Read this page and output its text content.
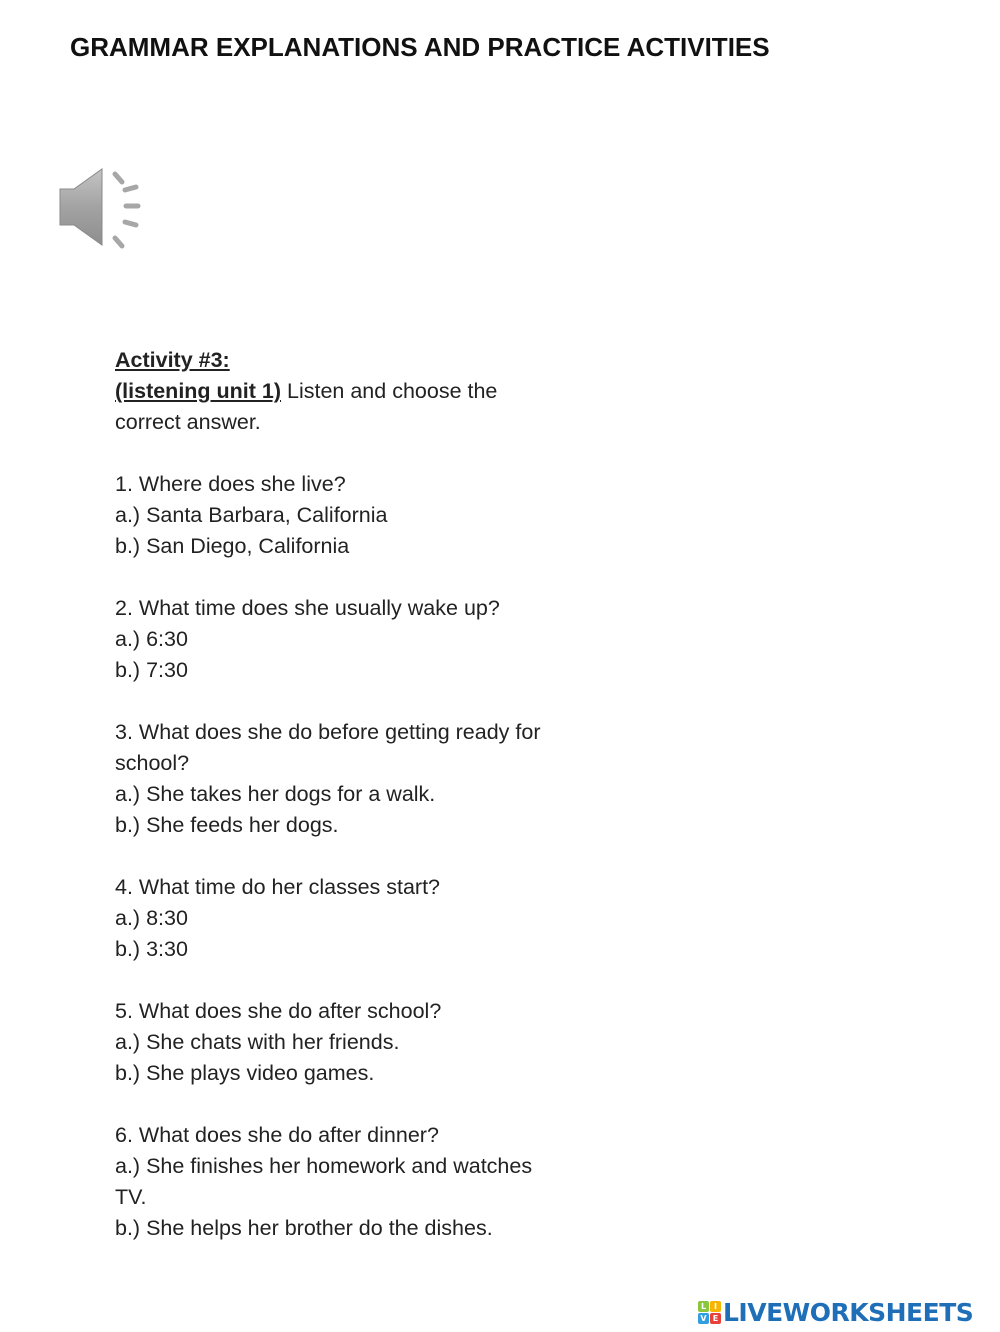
GRAMMAR EXPLANATIONS AND PRACTICE ACTIVITIES
Activity #3:
(listening unit 1) Listen and choose the
correct answer.
1. Where does she live?
a.) Santa Barbara, California
b.) San Diego, California
2. What time does she usually wake up?
a.) 6:30
b.) 7:30
3. What does she do before getting ready for
school?
a.) She takes her dogs for a walk.
b.) She feeds her dogs.
4. What time do her classes start?
a.) 8:30
b.) 3:30
5. What does she do after school?
a.) She chats with her friends.
b.) She plays video games.
6. What does she do after dinner?
a.) She finishes her homework and watches
TV.
b.) She helps her brother do the dishes.
L I
V E LIVEWORKSHEETS
